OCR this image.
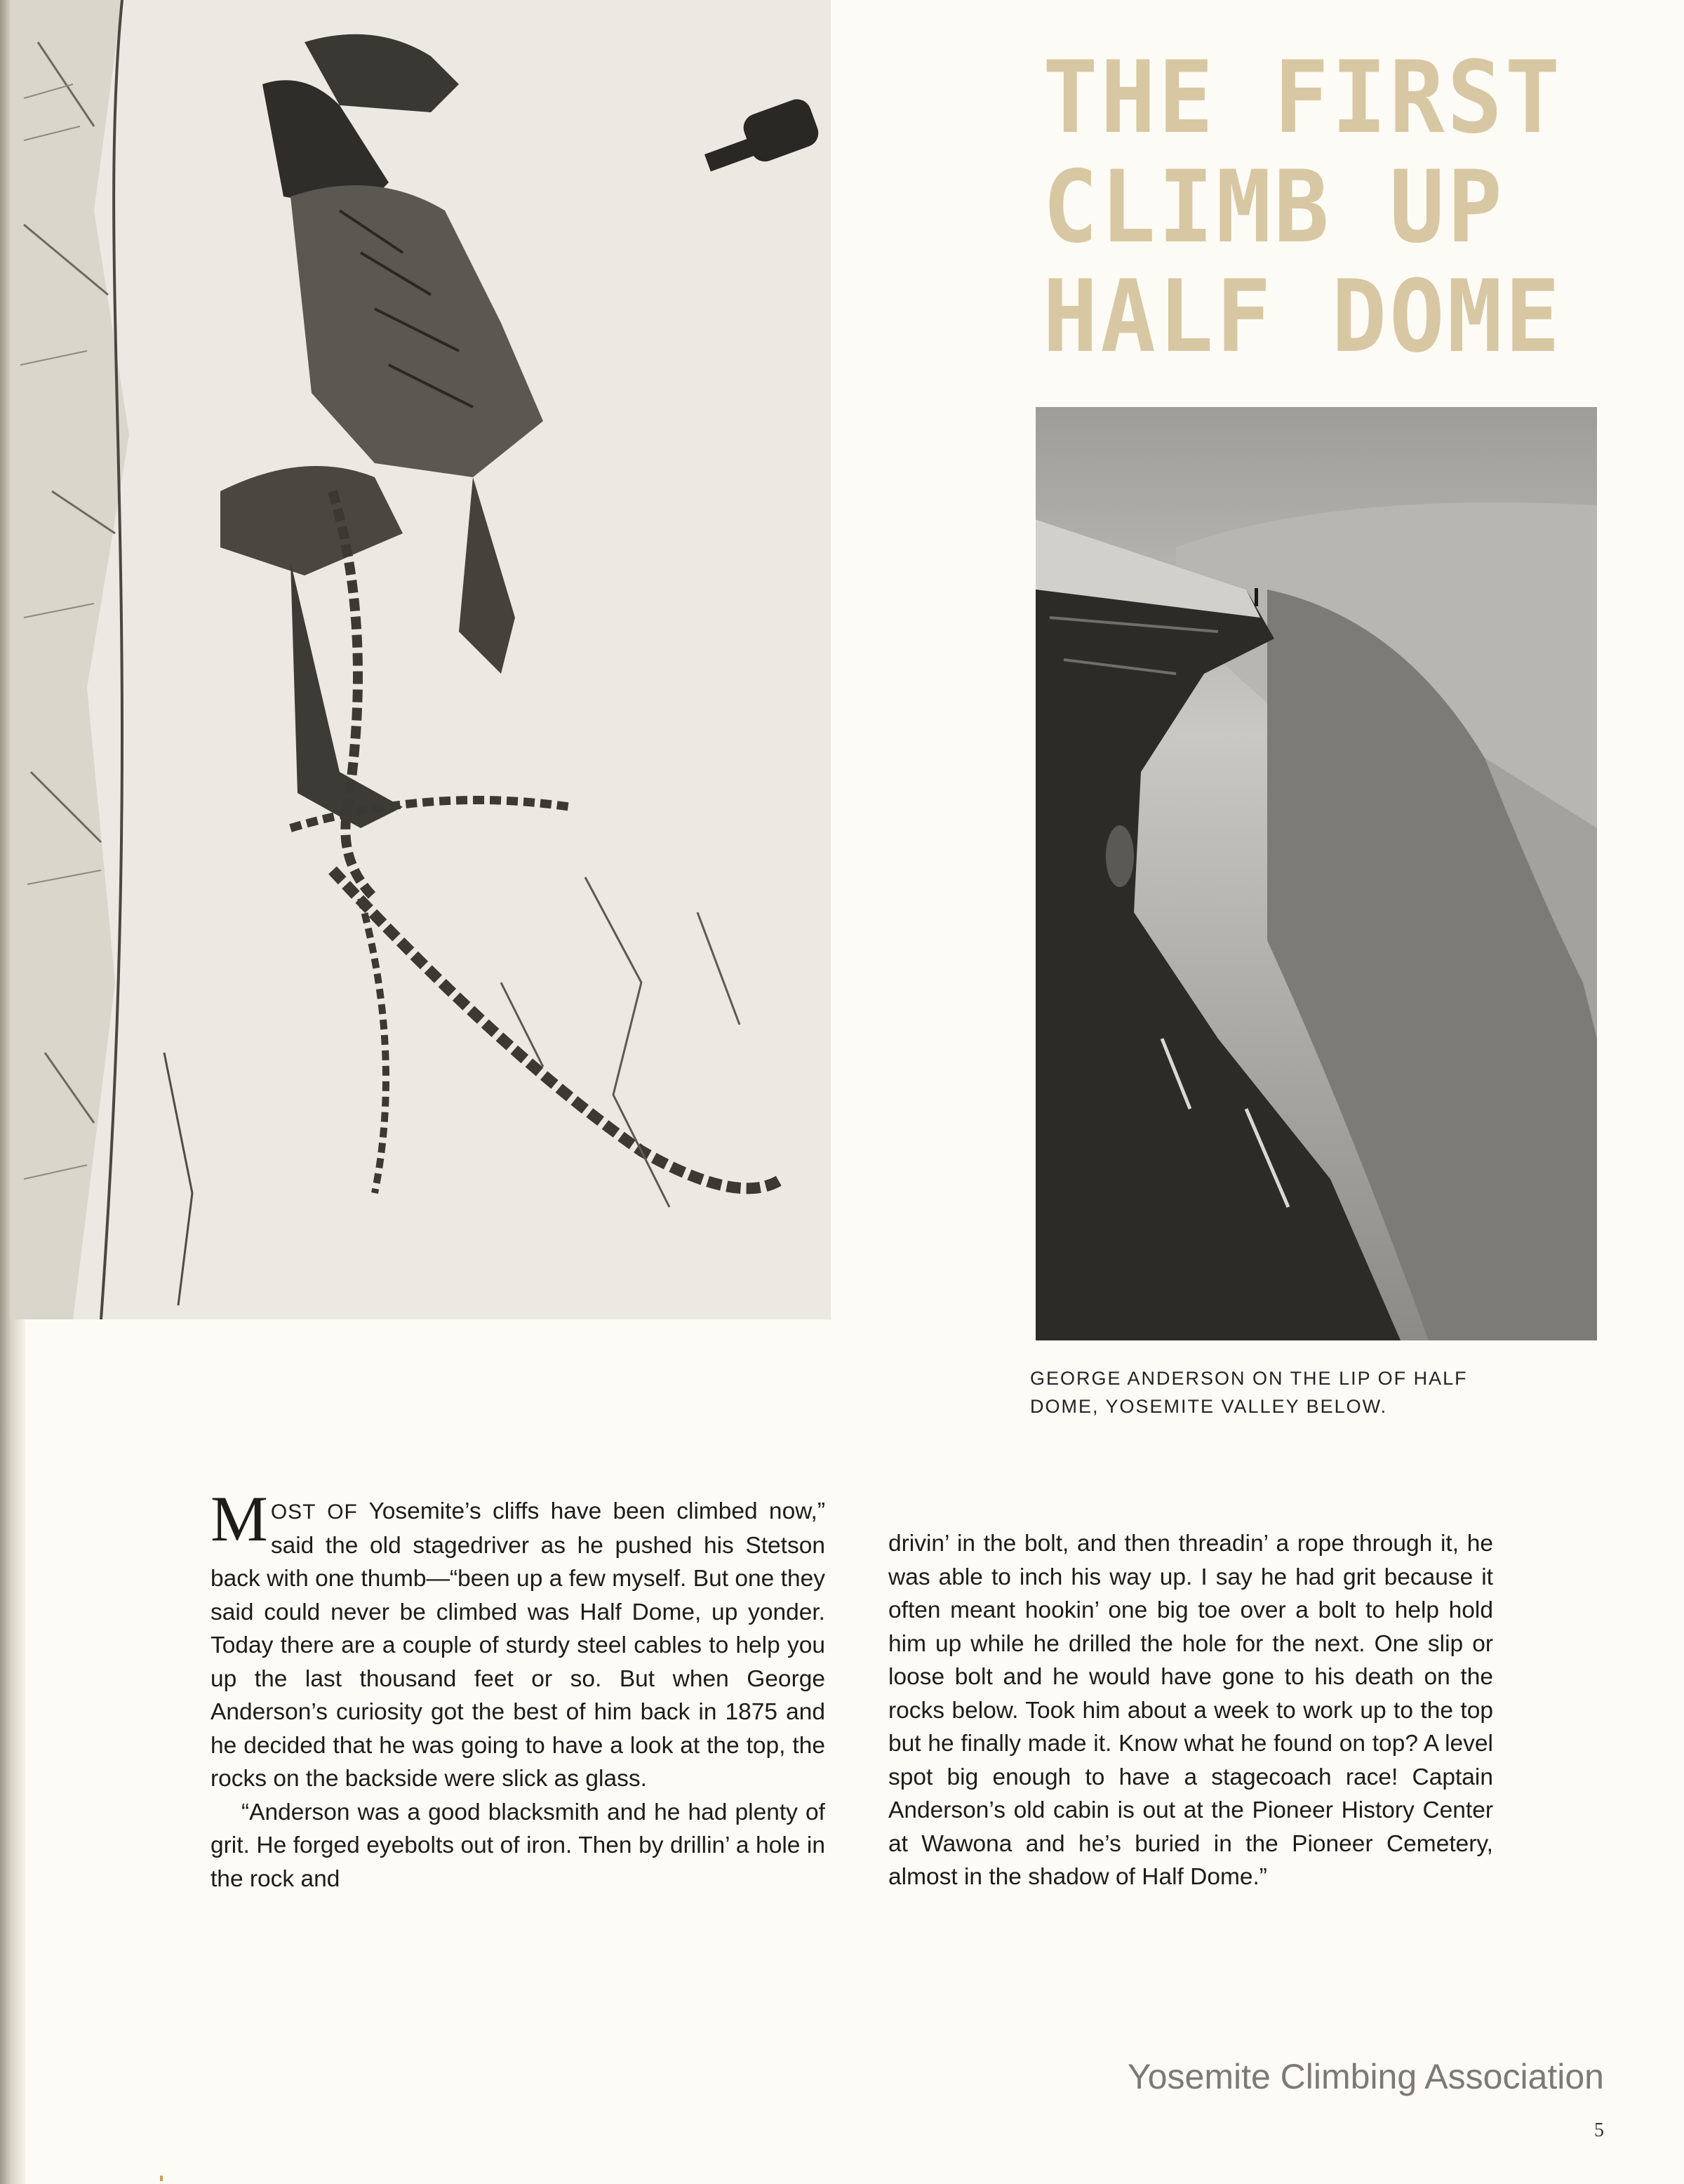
THE FIRST
CLIMB UP
HALF DOME

GEORGE ANDERSON ON THE LIP OF HALF
DOME, YOSEMITE VALLEY BELOW.

MOST OF Yosemite’s cliffs have been climbed now,” said the old stagedriver as he pushed his Stetson back with one thumb—“been up a few myself. But one they said could never be climbed was Half Dome, up yonder. Today there are a couple of sturdy steel cables to help you up the last thousand feet or so. But when George Anderson’s curiosity got the best of him back in 1875 and he decided that he was going to have a look at the top, the rocks on the backside were slick as glass.

“Anderson was a good blacksmith and he had plenty of grit. He forged eyebolts out of iron. Then by drillin’ a hole in the rock and

drivin’ in the bolt, and then threadin’ a rope through it, he was able to inch his way up. I say he had grit because it often meant hookin’ one big toe over a bolt to help hold him up while he drilled the hole for the next. One slip or loose bolt and he would have gone to his death on the rocks below. Took him about a week to work up to the top but he finally made it. Know what he found on top? A level spot big enough to have a stagecoach race! Captain Anderson’s old cabin is out at the Pioneer History Center at Wawona and he’s buried in the Pioneer Cemetery, almost in the shadow of Half Dome.”

Yosemite Climbing Association

5
